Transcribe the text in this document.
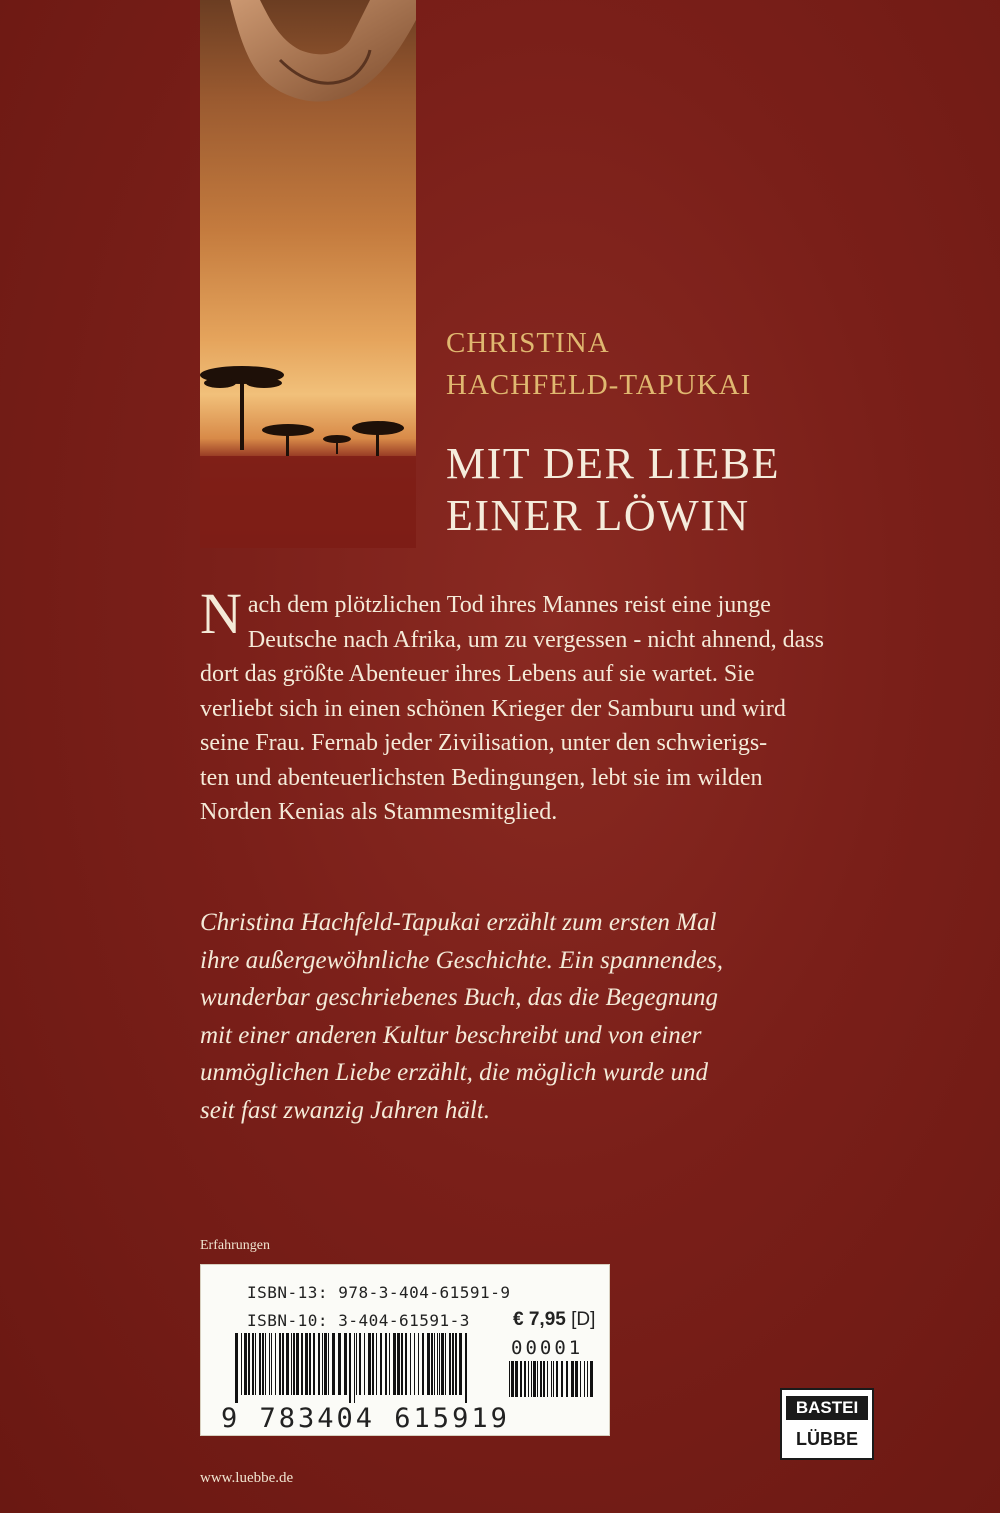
CHRISTINA
HACHFELD-TAPUKAI
MIT DER LIEBE
EINER LÖWIN
N ach dem plötzlichen Tod ihres Mannes reist eine junge
Deutsche nach Afrika, um zu vergessen - nicht ahnend, dass
dort das größte Abenteuer ihres Lebens auf sie wartet. Sie
verliebt sich in einen schönen Krieger der Samburu und wird
seine Frau. Fernab jeder Zivilisation, unter den schwierigs-
ten und abenteuerlichsten Bedingungen, lebt sie im wilden
Norden Kenias als Stammesmitglied.
Christina Hachfeld-Tapukai erzählt zum ersten Mal
ihre außergewöhnliche Geschichte. Ein spannendes,
wunderbar geschriebenes Buch, das die Begegnung
mit einer anderen Kultur beschreibt und von einer
unmöglichen Liebe erzählt, die möglich wurde und
seit fast zwanzig Jahren hält.

Erfahrungen

ISBN-13: 978-3-404-61591-9
ISBN-10: 3-404-61591-3 € 7,95 [D]
00001
9 783404 615919	BASTEI
LÜBBE

www.luebbe.de
